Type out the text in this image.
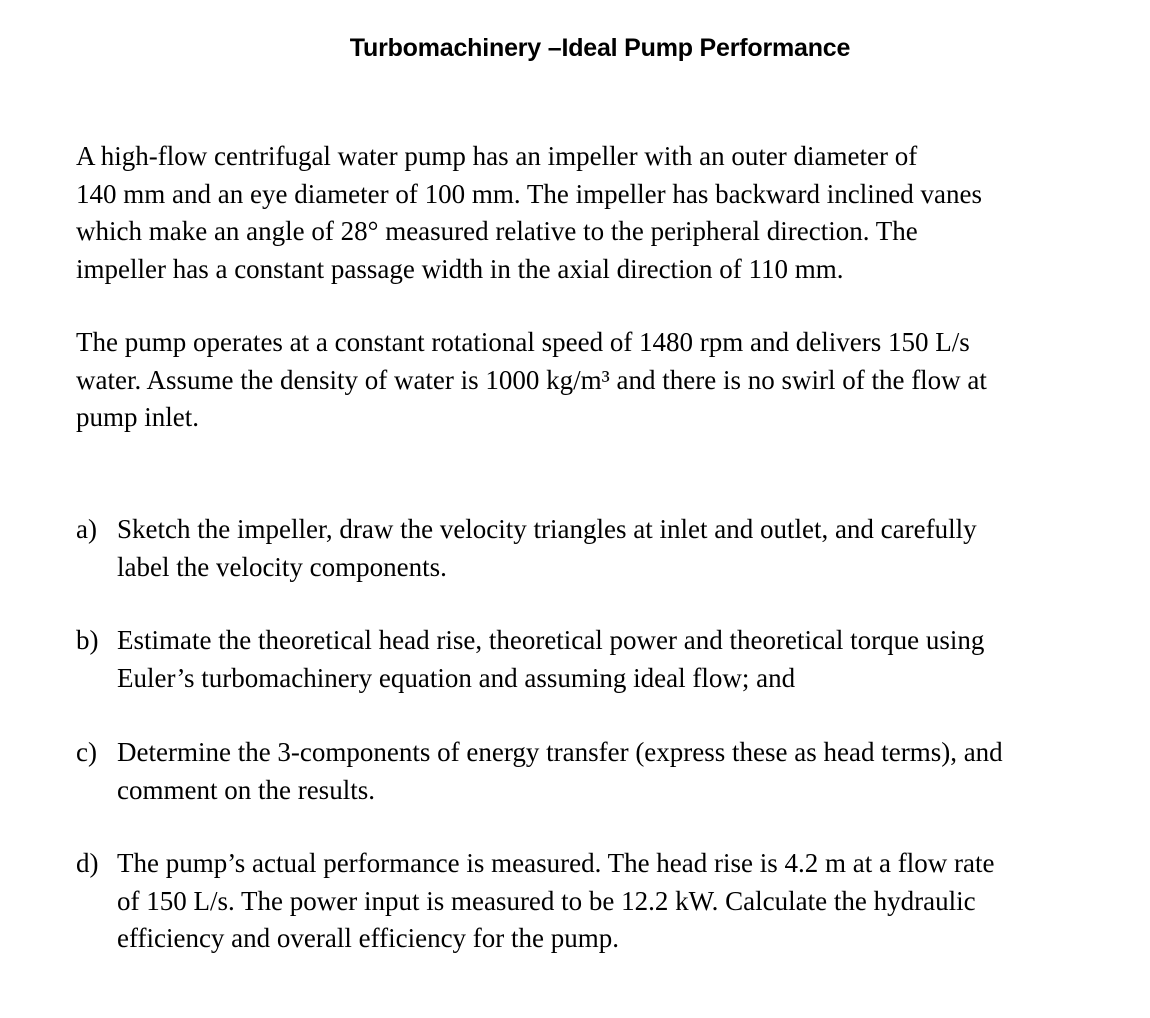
Turbomachinery –Ideal Pump Performance
A high-flow centrifugal water pump has an impeller with an outer diameter of
140 mm and an eye diameter of 100 mm. The impeller has backward inclined vanes
which make an angle of 28° measured relative to the peripheral direction. The
impeller has a constant passage width in the axial direction of 110 mm.
The pump operates at a constant rotational speed of 1480 rpm and delivers 150 L/s
water. Assume the density of water is 1000 kg/m³ and there is no swirl of the flow at
pump inlet.
a) Sketch the impeller, draw the velocity triangles at inlet and outlet, and carefully
label the velocity components.
b) Estimate the theoretical head rise, theoretical power and theoretical torque using
Euler’s turbomachinery equation and assuming ideal flow; and
c) Determine the 3-components of energy transfer (express these as head terms), and
comment on the results.
d) The pump’s actual performance is measured. The head rise is 4.2 m at a flow rate
of 150 L/s. The power input is measured to be 12.2 kW. Calculate the hydraulic
efficiency and overall efficiency for the pump.
